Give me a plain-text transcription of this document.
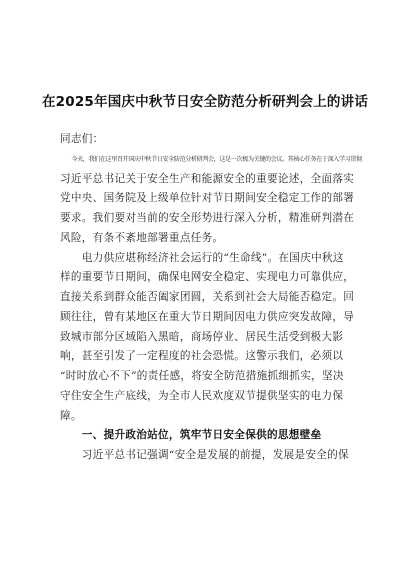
在2025年国庆中秋节日安全防范分析研判会上的讲话
同志们：
　　今天，我们在这里召开国庆中秋节日安全防范分析研判会，这是一次极为关键的会议。其核心任务在于深入学习贯彻
习近平总书记关于安全生产和能源安全的重要论述，全面落实
党中央、国务院及上级单位针对节日期间安全稳定工作的部署
要求。我们要对当前的安全形势进行深入分析，精准研判潜在
风险，有条不紊地部署重点任务。
　　电力供应堪称经济社会运行的“生命线”。在国庆中秋这
样的重要节日期间，确保电网安全稳定、实现电力可靠供应，
直接关系到群众能否阖家团圆，关系到社会大局能否稳定。回
顾往往，曾有某地区在重大节日期间因电力供应突发故障，导
致城市部分区域陷入黑暗，商场停业、居民生活受到极大影
响，甚至引发了一定程度的社会恐慌。这警示我们，必须以
“时时放心不下”的责任感，将安全防范措施抓细抓实，坚决
守住安全生产底线，为全市人民欢度双节提供坚实的电力保
障。
　　一、提升政治站位，筑牢节日安全保供的思想壁垒
　　习近平总书记强调“安全是发展的前提，发展是安全的保
